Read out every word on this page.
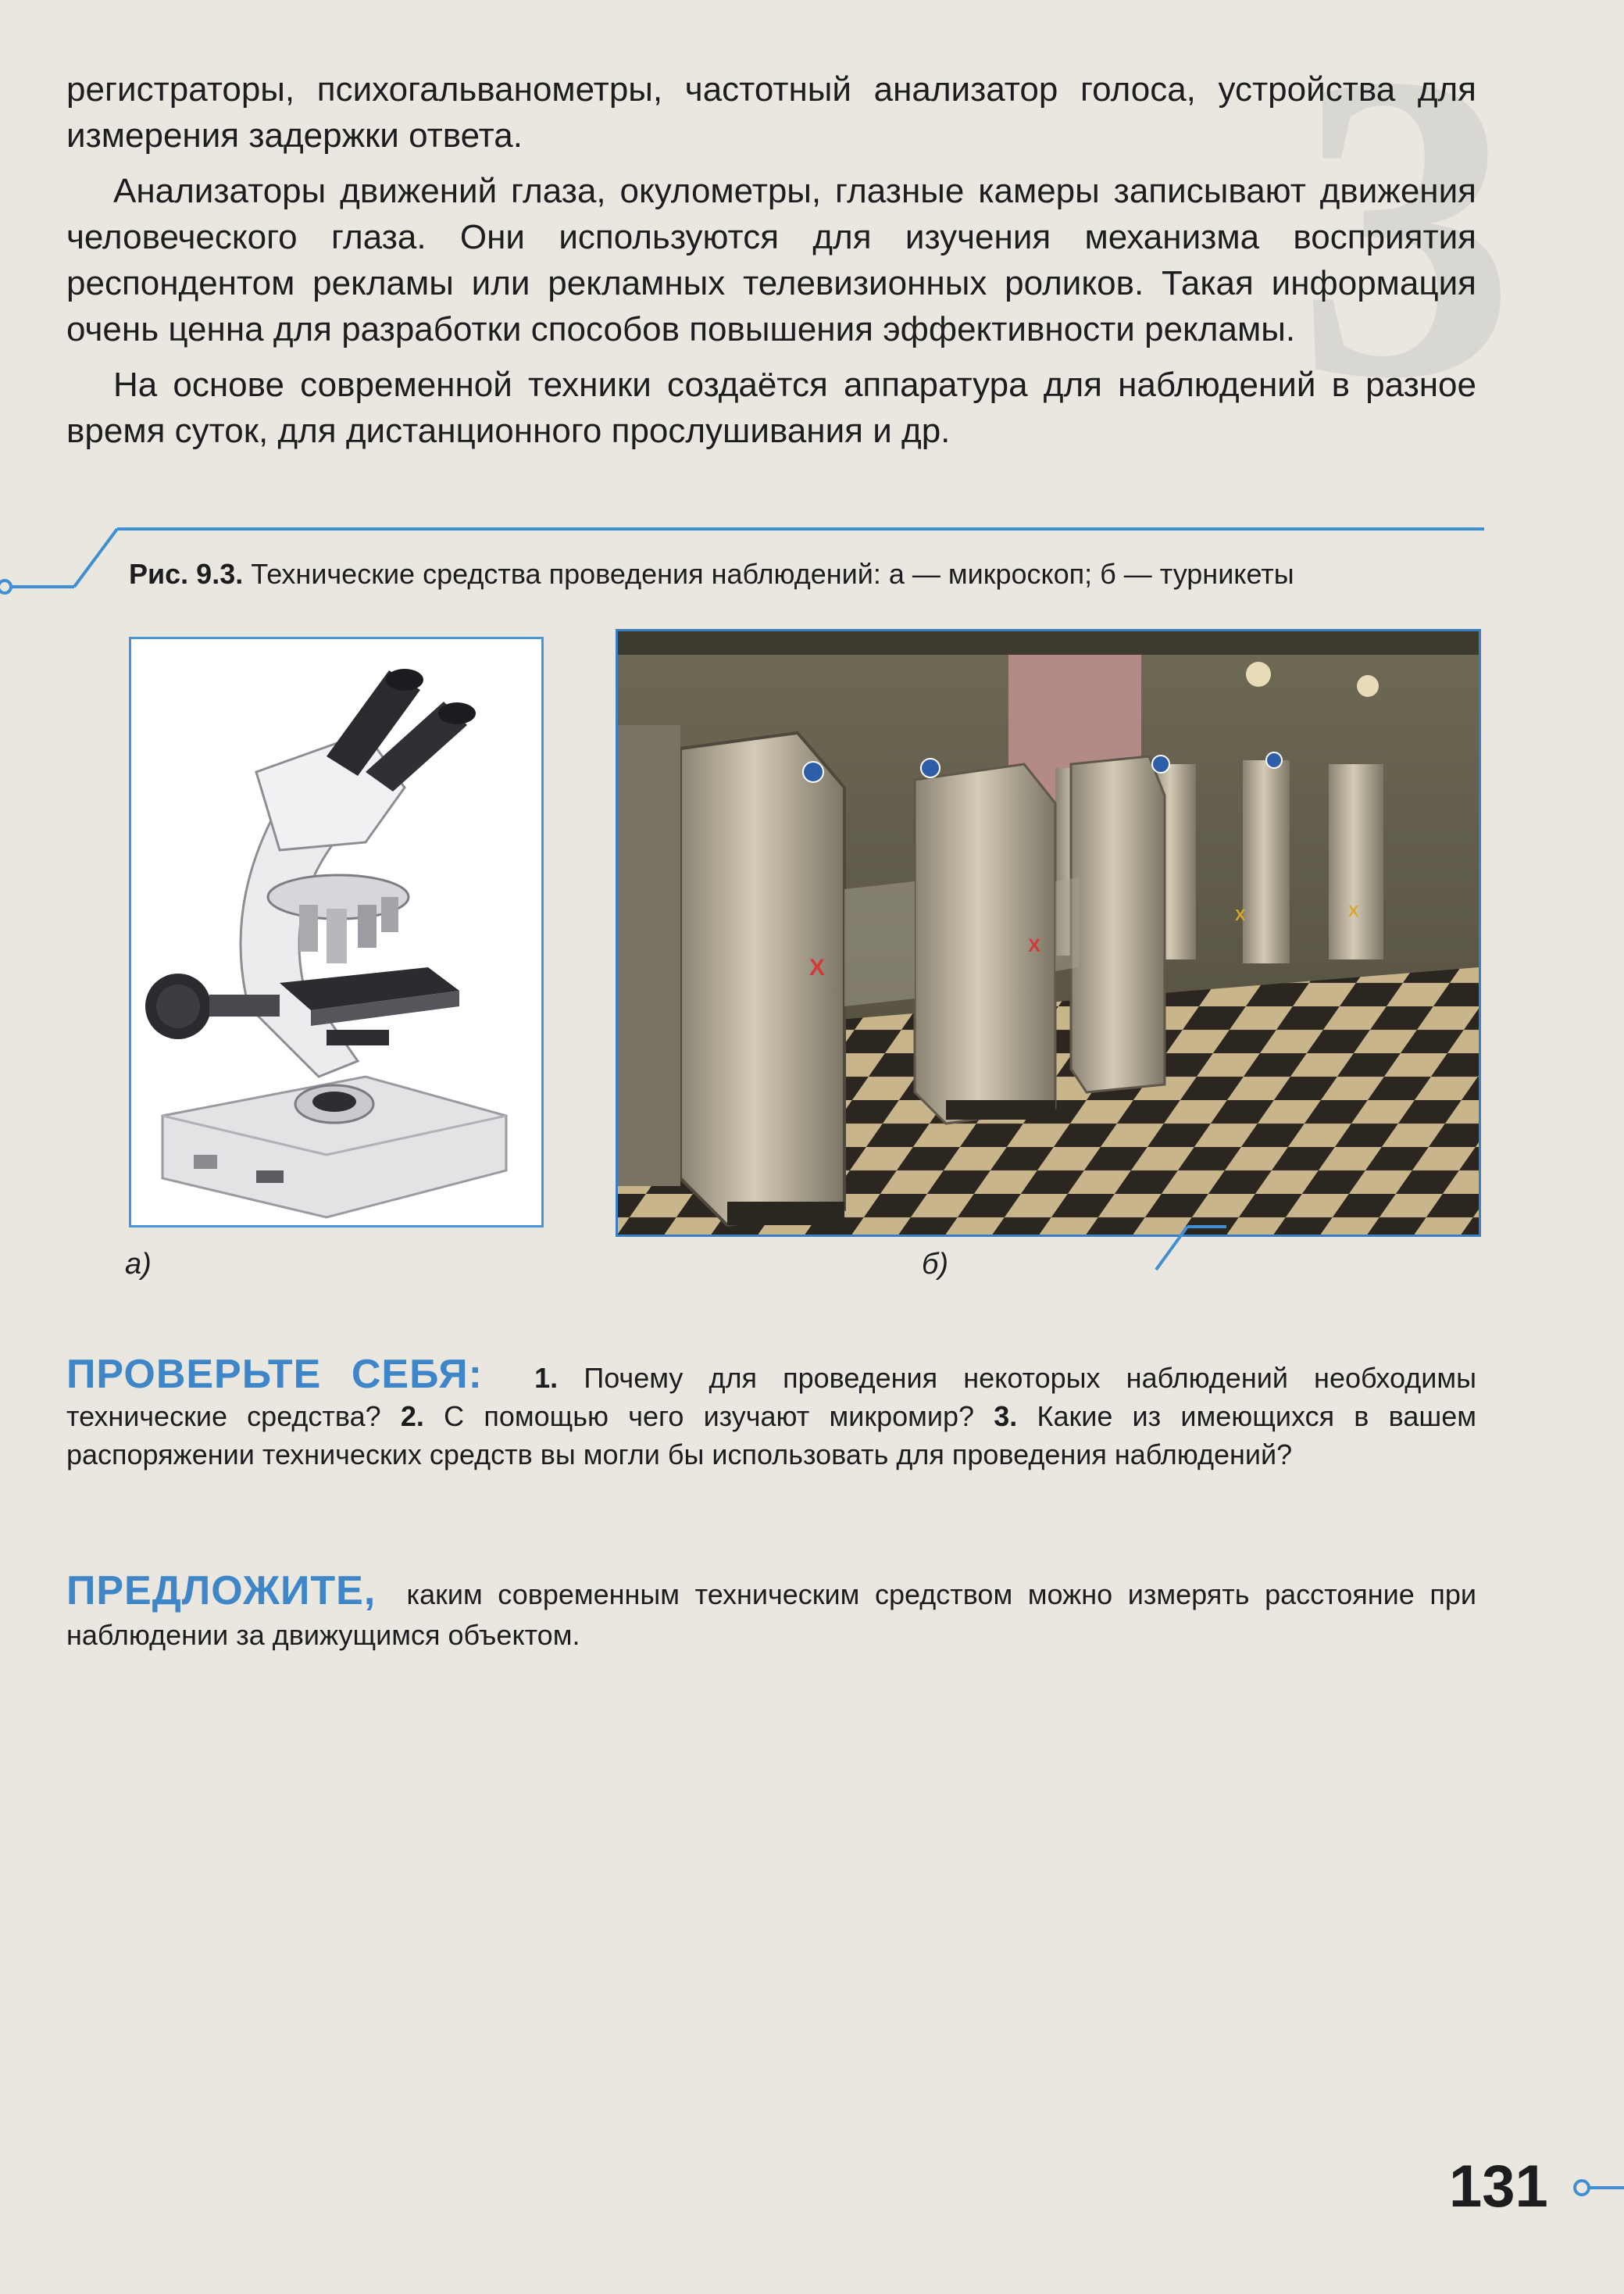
3

регистраторы, психогальванометры, частотный анализатор голоса, устройства для измерения задержки ответа.

Анализаторы движений глаза, окулометры, глазные камеры записывают движения человеческого глаза. Они используются для изучения механизма восприятия респондентом рекламы или рекламных телевизионных роликов. Такая информация очень ценна для разработки способов повышения эффективности рекламы.

На основе современной техники создаётся аппаратура для наблюдений в разное время суток, для дистанционного прослушивания и др.

Рис. 9.3. Технические средства проведения наблюдений: а — микроскоп; б — турникеты
а)
X
X
X	X
б)
ПРОВЕРЬТЕ СЕБЯ: 1. Почему для проведения некоторых наблюдений необходимы технические средства? 2. С помощью чего изучают микромир? 3. Какие из имеющихся в вашем распоряжении технических средств вы могли бы использовать для проведения наблюдений?
ПРЕДЛОЖИТЕ, каким современным техническим средством можно измерять расстояние при наблюдении за движущимся объектом.
131
